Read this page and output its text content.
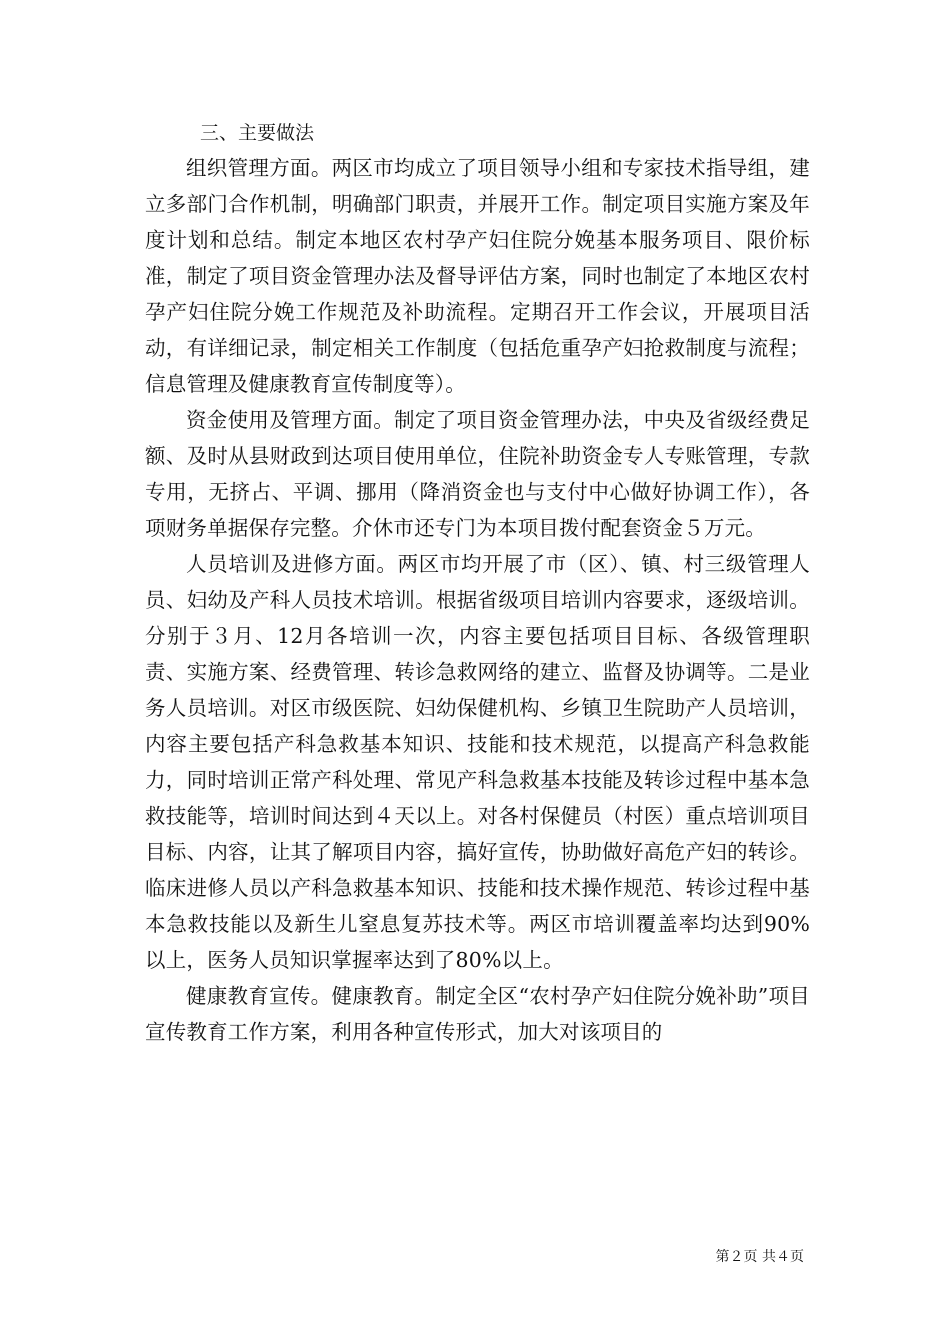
三、主要做法

组织管理方面。两区市均成立了项目领导小组和专家技术指导组，建立多部门合作机制，明确部门职责，并展开工作。制定项目实施方案及年度计划和总结。制定本地区农村孕产妇住院分娩基本服务项目、限价标准，制定了项目资金管理办法及督导评估方案，同时也制定了本地区农村孕产妇住院分娩工作规范及补助流程。定期召开工作会议，开展项目活动，有详细记录，制定相关工作制度（包括危重孕产妇抢救制度与流程；信息管理及健康教育宣传制度等）。

资金使用及管理方面。制定了项目资金管理办法，中央及省级经费足额、及时从县财政到达项目使用单位，住院补助资金专人专账管理，专款专用，无挤占、平调、挪用（降消资金也与支付中心做好协调工作），各项财务单据保存完整。介休市还专门为本项目拨付配套资金５万元。

人员培训及进修方面。两区市均开展了市（区）、镇、村三级管理人员、妇幼及产科人员技术培训。根据省级项目培训内容要求，逐级培训。分别于３月、12月各培训一次，内容主要包括项目目标、各级管理职责、实施方案、经费管理、转诊急救网络的建立、监督及协调等。二是业务人员培训。对区市级医院、妇幼保健机构、乡镇卫生院助产人员培训，内容主要包括产科急救基本知识、技能和技术规范，以提高产科急救能力，同时培训正常产科处理、常见产科急救基本技能及转诊过程中基本急救技能等，培训时间达到４天以上。对各村保健员（村医）重点培训项目目标、内容，让其了解项目内容，搞好宣传，协助做好高危产妇的转诊。临床进修人员以产科急救基本知识、技能和技术操作规范、转诊过程中基本急救技能以及新生儿窒息复苏技术等。两区市培训覆盖率均达到90%以上，医务人员知识掌握率达到了80%以上。

健康教育宣传。健康教育。制定全区“农村孕产妇住院分娩补助”项目宣传教育工作方案，利用各种宣传形式，加大对该项目的

第２页 共４页
